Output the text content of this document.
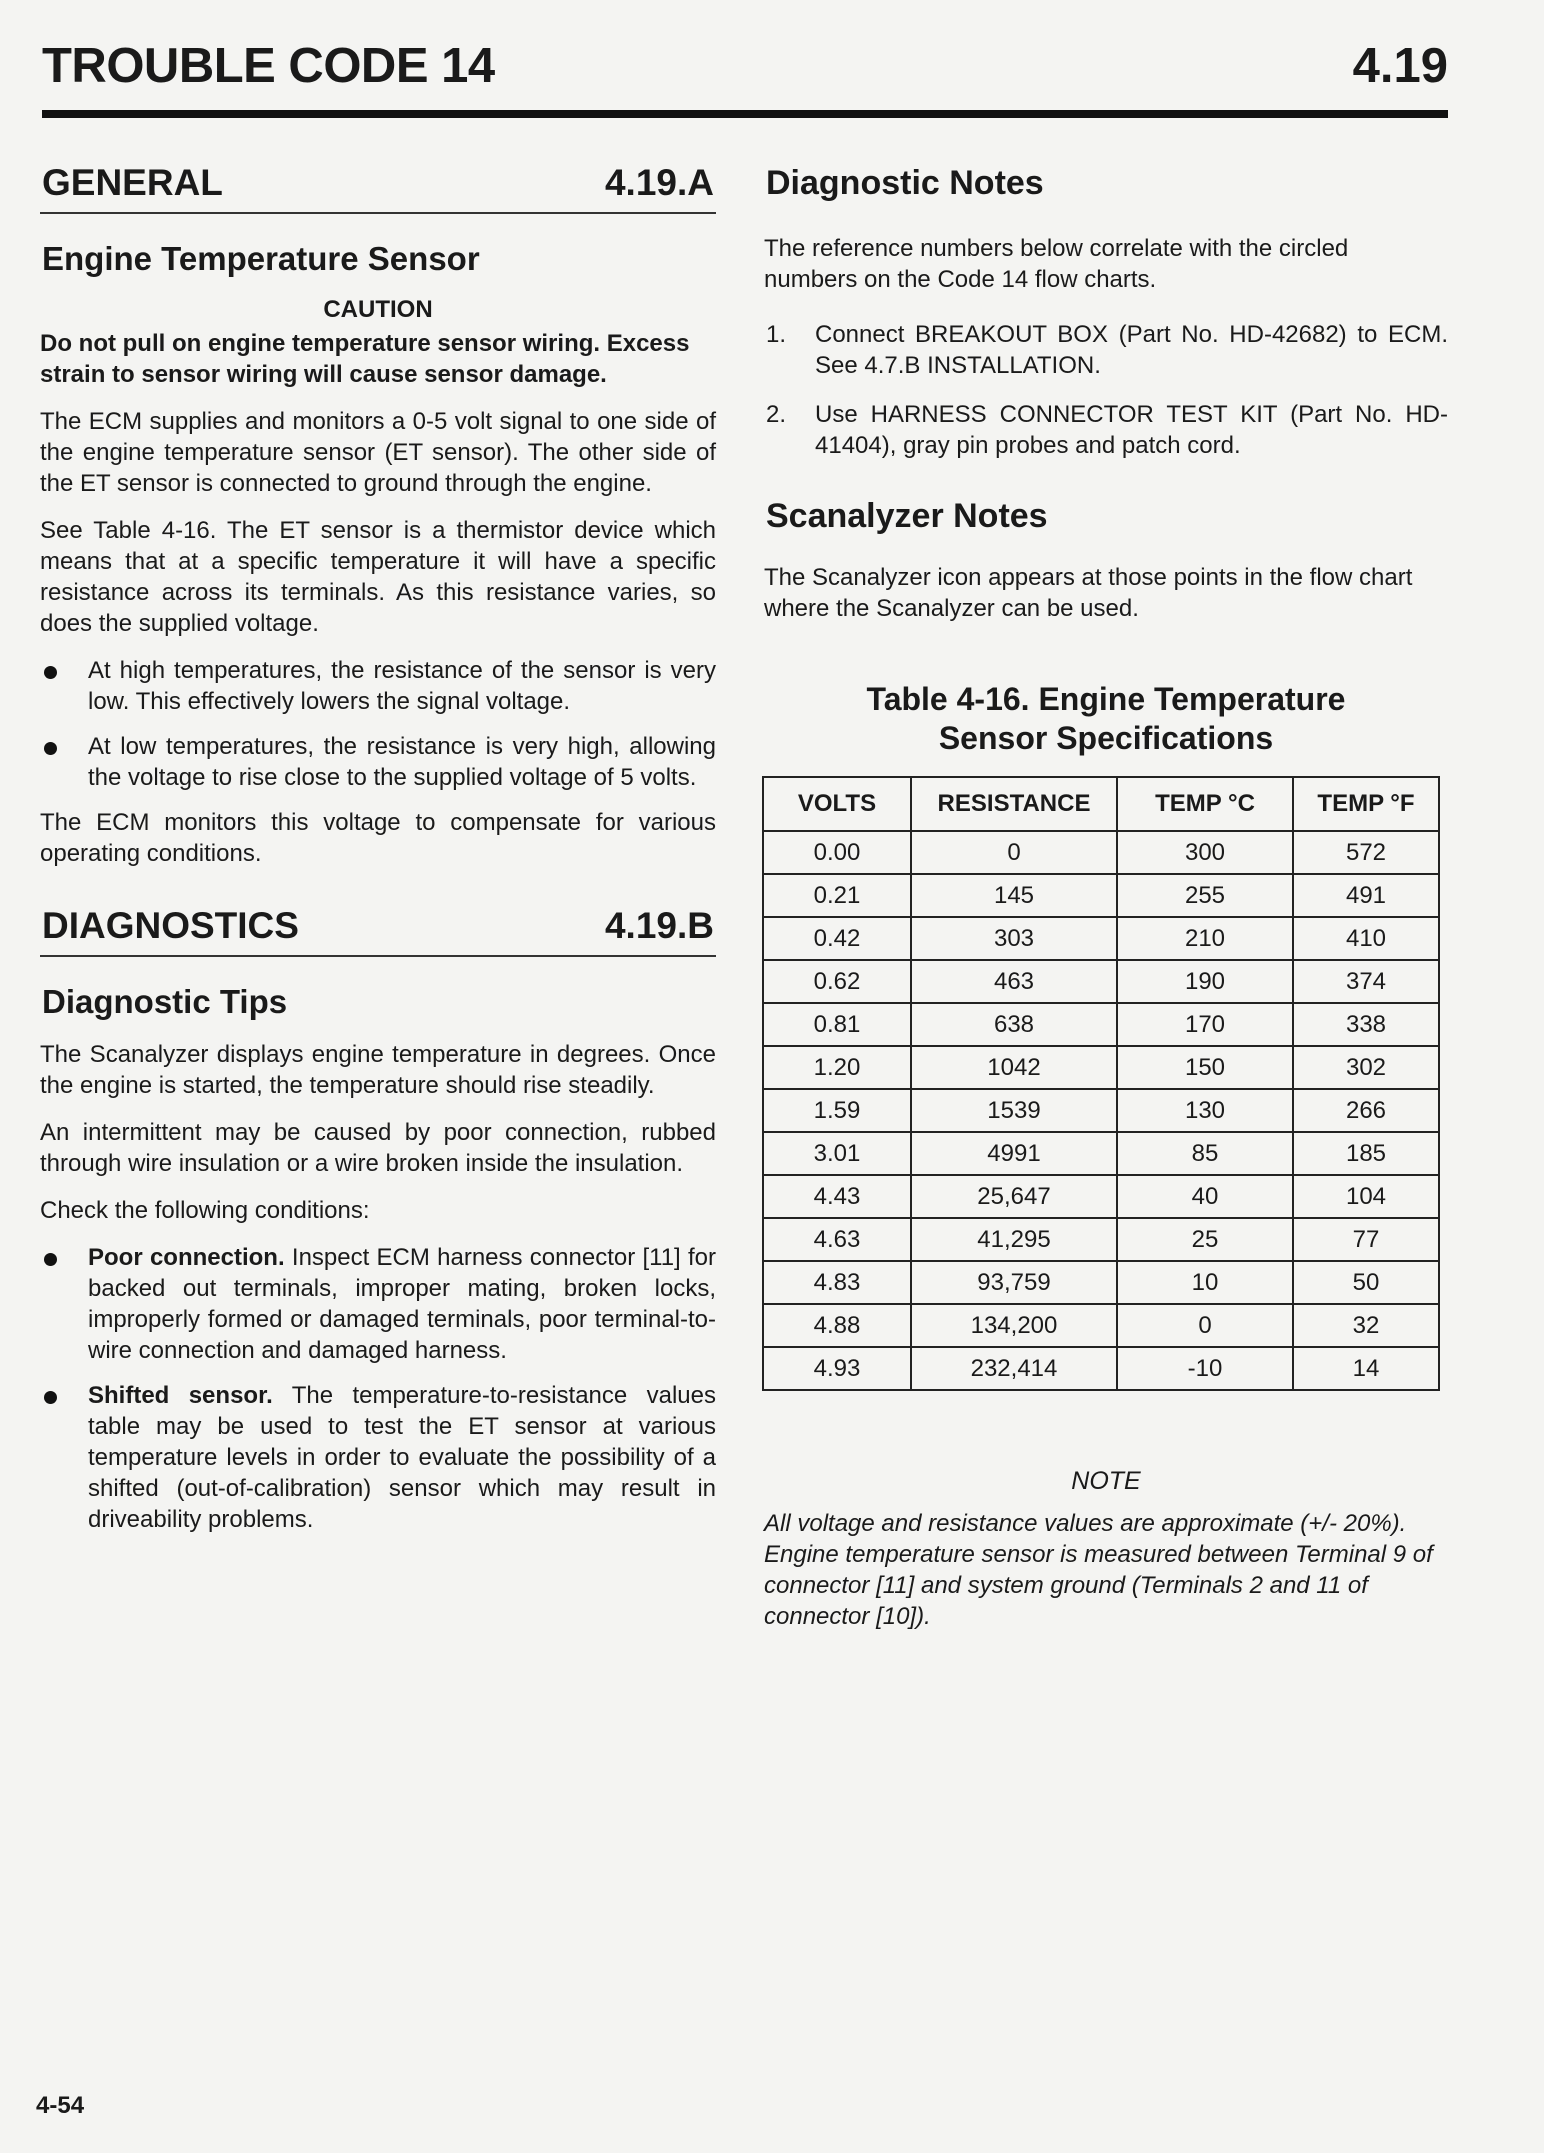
TROUBLE CODE 14	4.19
GENERAL	4.19.A
Engine Temperature Sensor
CAUTION

Do not pull on engine temperature sensor wiring. Excess strain to sensor wiring will cause sensor damage.

The ECM supplies and monitors a 0-5 volt signal to one side of the engine temperature sensor (ET sensor). The other side of the ET sensor is connected to ground through the engine.

See Table 4-16. The ET sensor is a thermistor device which means that at a specific temperature it will have a specific resistance across its terminals. As this resistance varies, so does the supplied voltage.

At high temperatures, the resistance of the sensor is very low. This effectively lowers the signal voltage.
At low temperatures, the resistance is very high, allowing the voltage to rise close to the supplied voltage of 5 volts.

The ECM monitors this voltage to compensate for various operating conditions.

DIAGNOSTICS	4.19.B
Diagnostic Tips

The Scanalyzer displays engine temperature in degrees. Once the engine is started, the temperature should rise steadily.

An intermittent may be caused by poor connection, rubbed through wire insulation or a wire broken inside the insulation.

Check the following conditions:

Poor connection. Inspect ECM harness connector [11] for backed out terminals, improper mating, broken locks, improperly formed or damaged terminals, poor terminal-to-wire connection and damaged harness.
Shifted sensor. The temperature-to-resistance values table may be used to test the ET sensor at various temperature levels in order to evaluate the possibility of a shifted (out-of-calibration) sensor which may result in driveability problems.
Diagnostic Notes

The reference numbers below correlate with the circled numbers on the Code 14 flow charts.

1. Connect BREAKOUT BOX (Part No. HD-42682) to ECM. See 4.7.B INSTALLATION.
2. Use HARNESS CONNECTOR TEST KIT (Part No. HD-41404), gray pin probes and patch cord.
Scanalyzer Notes

The Scanalyzer icon appears at those points in the flow chart where the Scanalyzer can be used.

Table 4-16. Engine Temperature
Sensor Specifications
VOLTS	RESISTANCE	TEMP °C	TEMP °F
0.00	0	300	572
0.21	145	255	491
0.42	303	210	410
0.62	463	190	374
0.81	638	170	338
1.20	1042	150	302
1.59	1539	130	266
3.01	4991	85	185
4.43	25,647	40	104
4.63	41,295	25	77
4.83	93,759	10	50
4.88	134,200	0	32
4.93	232,414	-10	14
NOTE

All voltage and resistance values are approximate (+/- 20%). Engine temperature sensor is measured between Terminal 9 of connector [11] and system ground (Terminals 2 and 11 of connector [10]).

4-54
